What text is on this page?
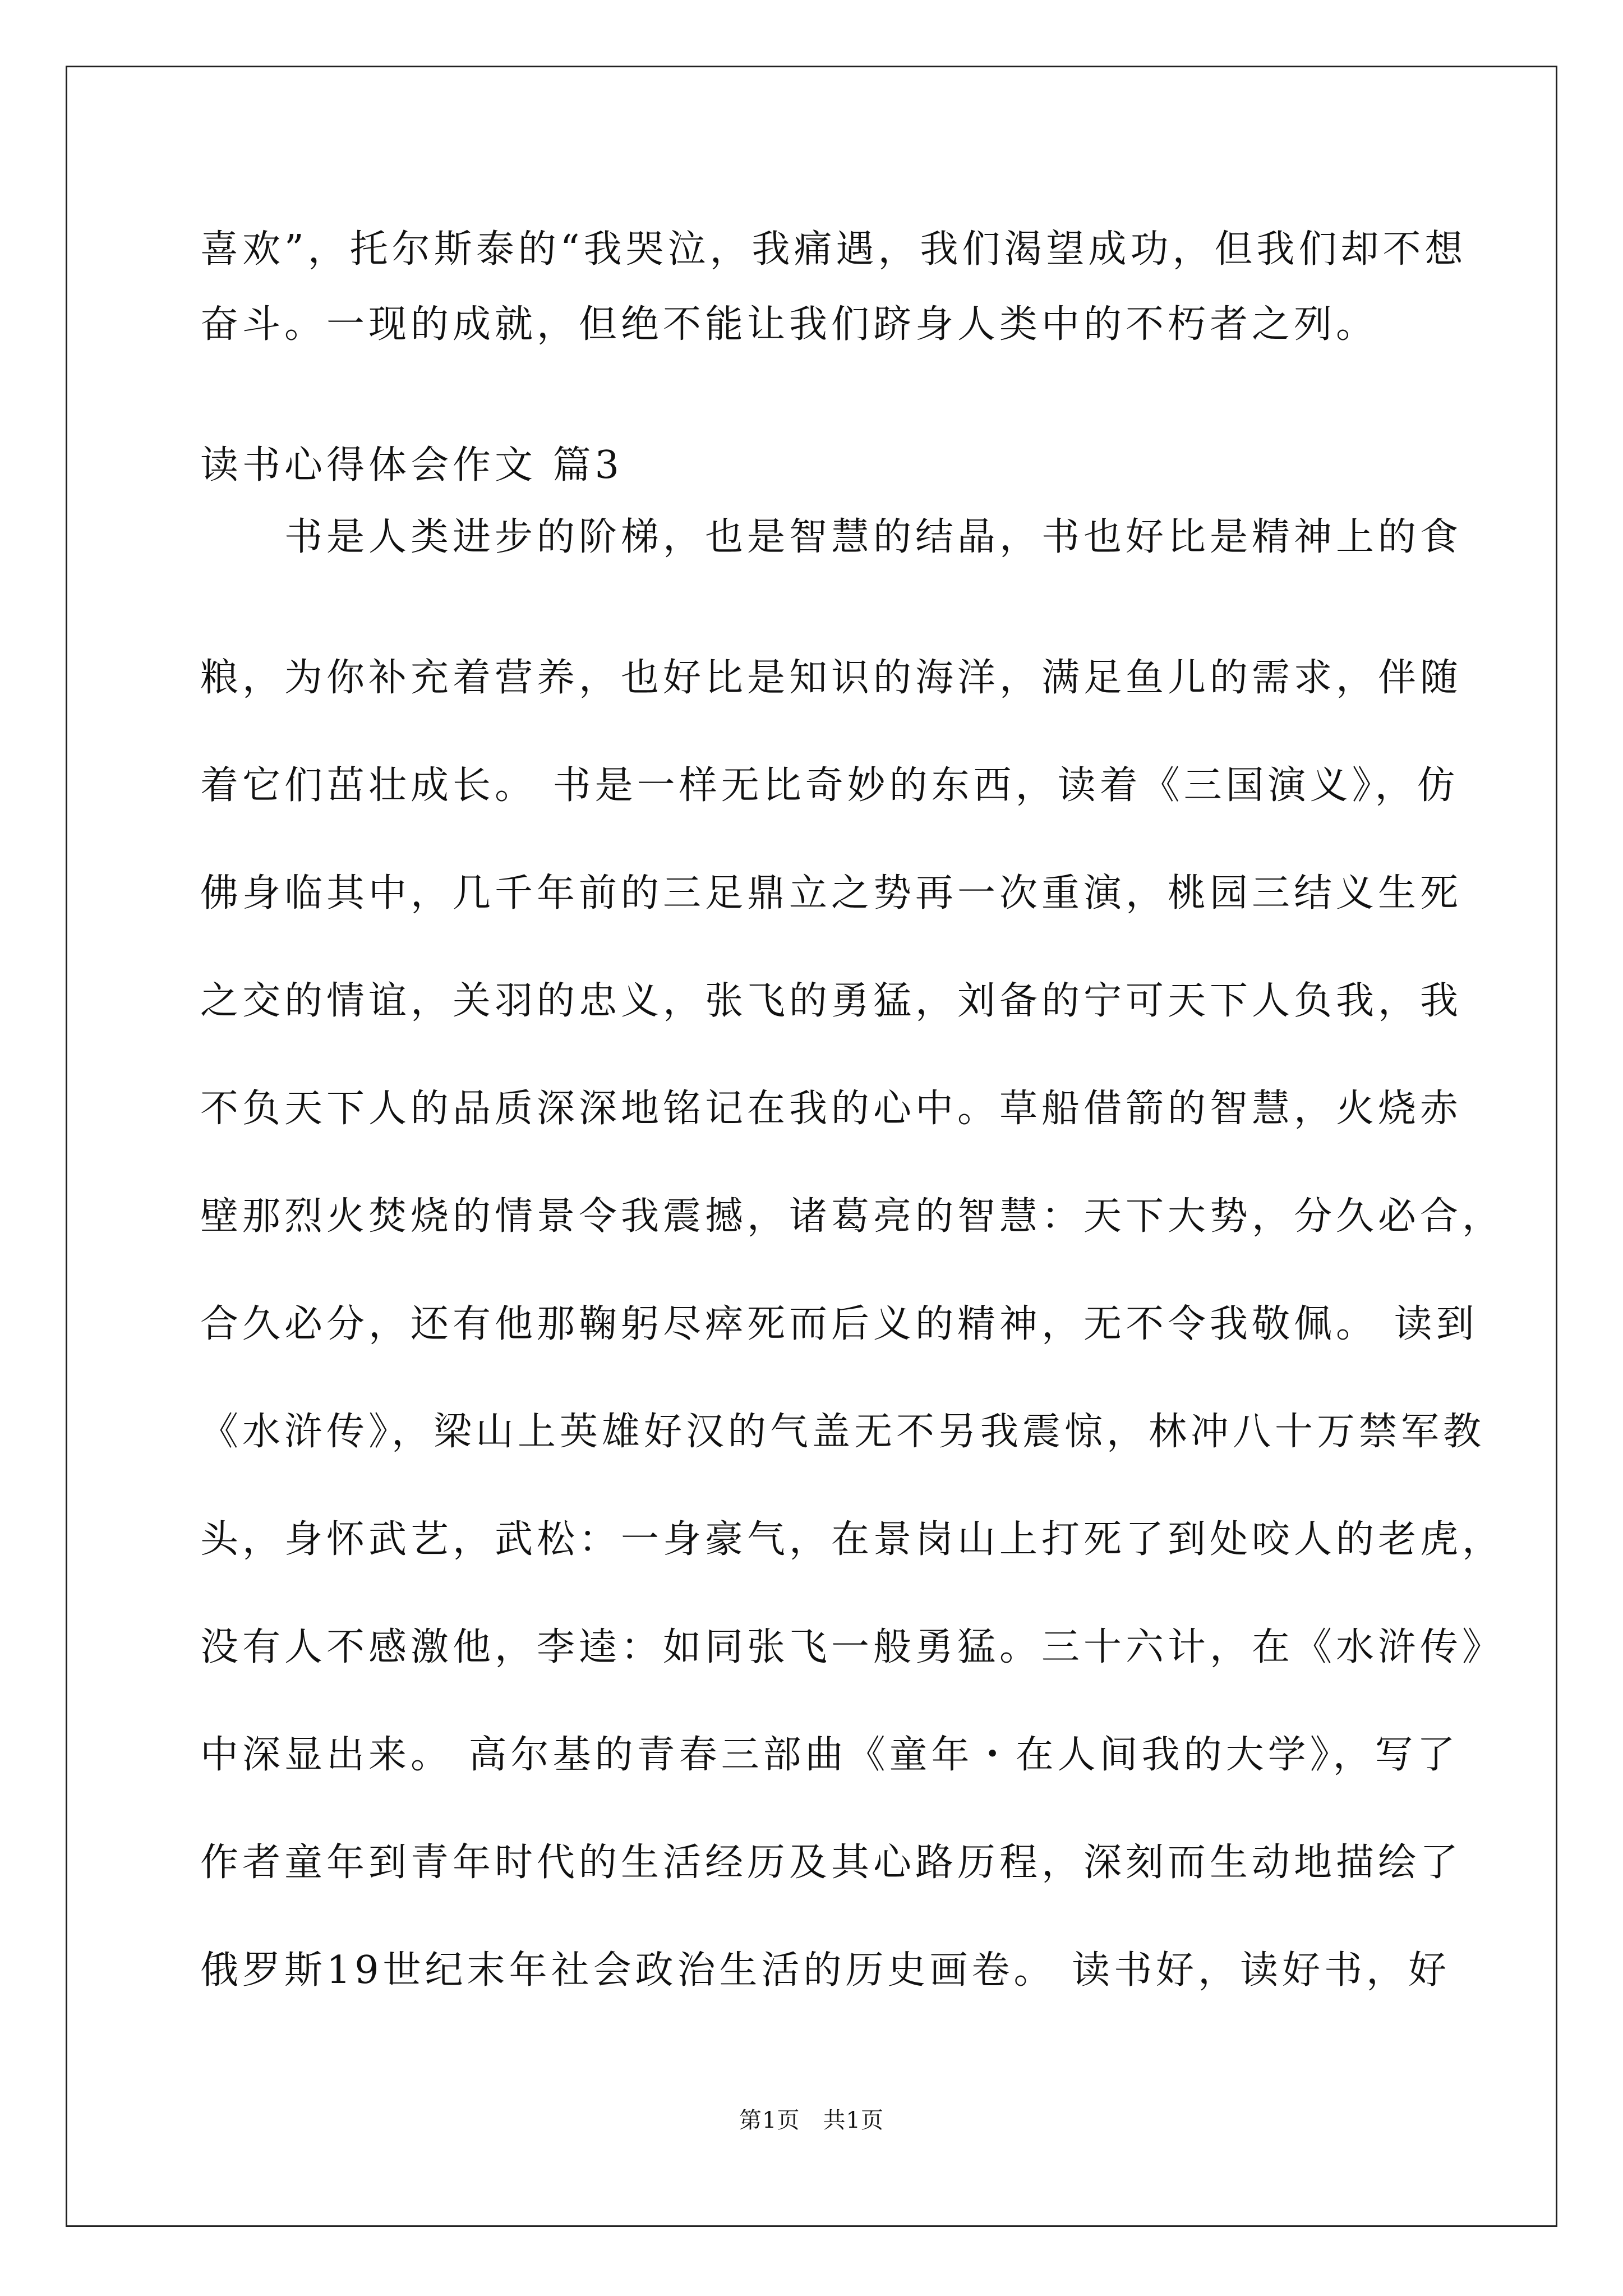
喜欢”，托尔斯泰的“我哭泣，我痛遇，我们渴望成功，但我们却不想
奋斗。一现的成就，但绝不能让我们跻身人类中的不朽者之列。
读书心得体会作文 篇3
　　书是人类进步的阶梯，也是智慧的结晶，书也好比是精神上的食
粮，为你补充着营养，也好比是知识的海洋，满足鱼儿的需求，伴随
着它们茁壮成长。 书是一样无比奇妙的东西，读着《三国演义》，仿
佛身临其中，几千年前的三足鼎立之势再一次重演，桃园三结义生死
之交的情谊，关羽的忠义，张飞的勇猛，刘备的宁可天下人负我，我
不负天下人的品质深深地铭记在我的心中。草船借箭的智慧，火烧赤
壁那烈火焚烧的情景令我震撼，诸葛亮的智慧：天下大势，分久必合，
合久必分，还有他那鞠躬尽瘁死而后义的精神，无不令我敬佩。 读到
《水浒传》，梁山上英雄好汉的气盖无不另我震惊，林冲八十万禁军教
头，身怀武艺，武松：一身豪气，在景岗山上打死了到处咬人的老虎，
没有人不感激他，李逵：如同张飞一般勇猛。三十六计，在《水浒传》
中深显出来。 高尔基的青春三部曲《童年・在人间我的大学》，写了
作者童年到青年时代的生活经历及其心路历程，深刻而生动地描绘了
俄罗斯19世纪末年社会政治生活的历史画卷。 读书好，读好书，好
第1页　共1页
